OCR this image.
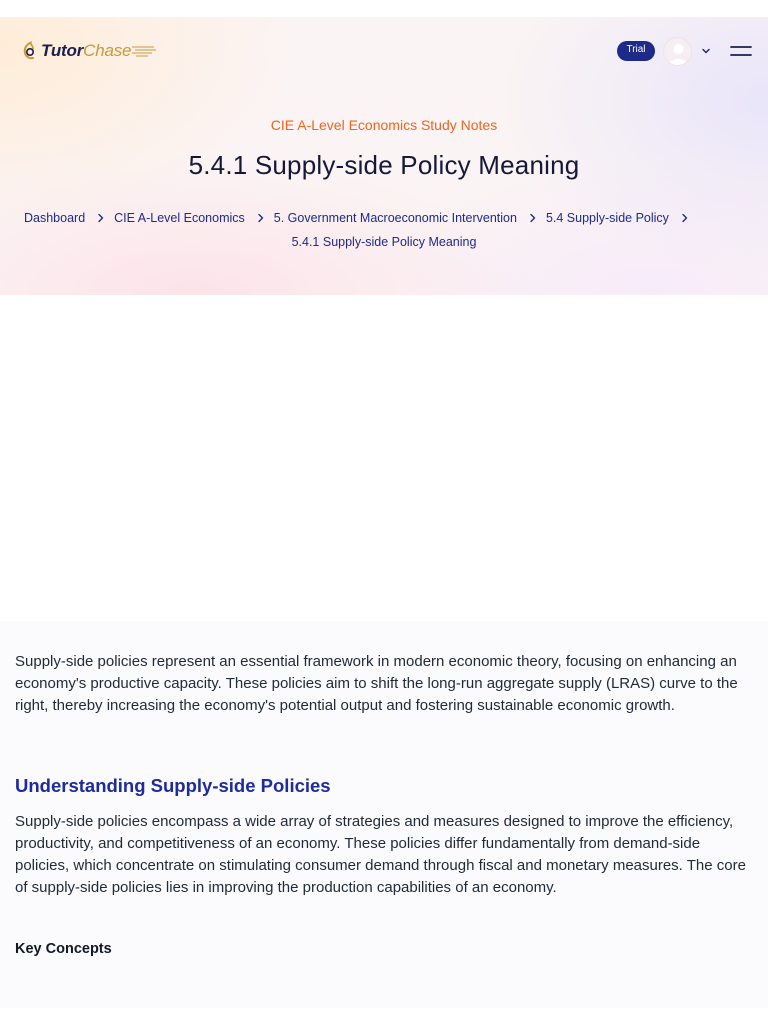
TutorChase	Trial
CIE A-Level Economics Study Notes
5.4.1 Supply-side Policy Meaning
Dashboard CIE A-Level Economics 5. Government Macroeconomic Intervention 5.4 Supply-side Policy
5.4.1 Supply-side Policy Meaning

Supply-side policies represent an essential framework in modern economic theory, focusing on enhancing an economy's productive capacity. These policies aim to shift the long-run aggregate supply (LRAS) curve to the right, thereby increasing the economy's potential output and fostering sustainable economic growth.

Understanding Supply-side Policies

Supply-side policies encompass a wide array of strategies and measures designed to improve the efficiency, productivity, and competitiveness of an economy. These policies differ fundamentally from demand-side policies, which concentrate on stimulating consumer demand through fiscal and monetary measures. The core of supply-side policies lies in improving the production capabilities of an economy.

Key Concepts
